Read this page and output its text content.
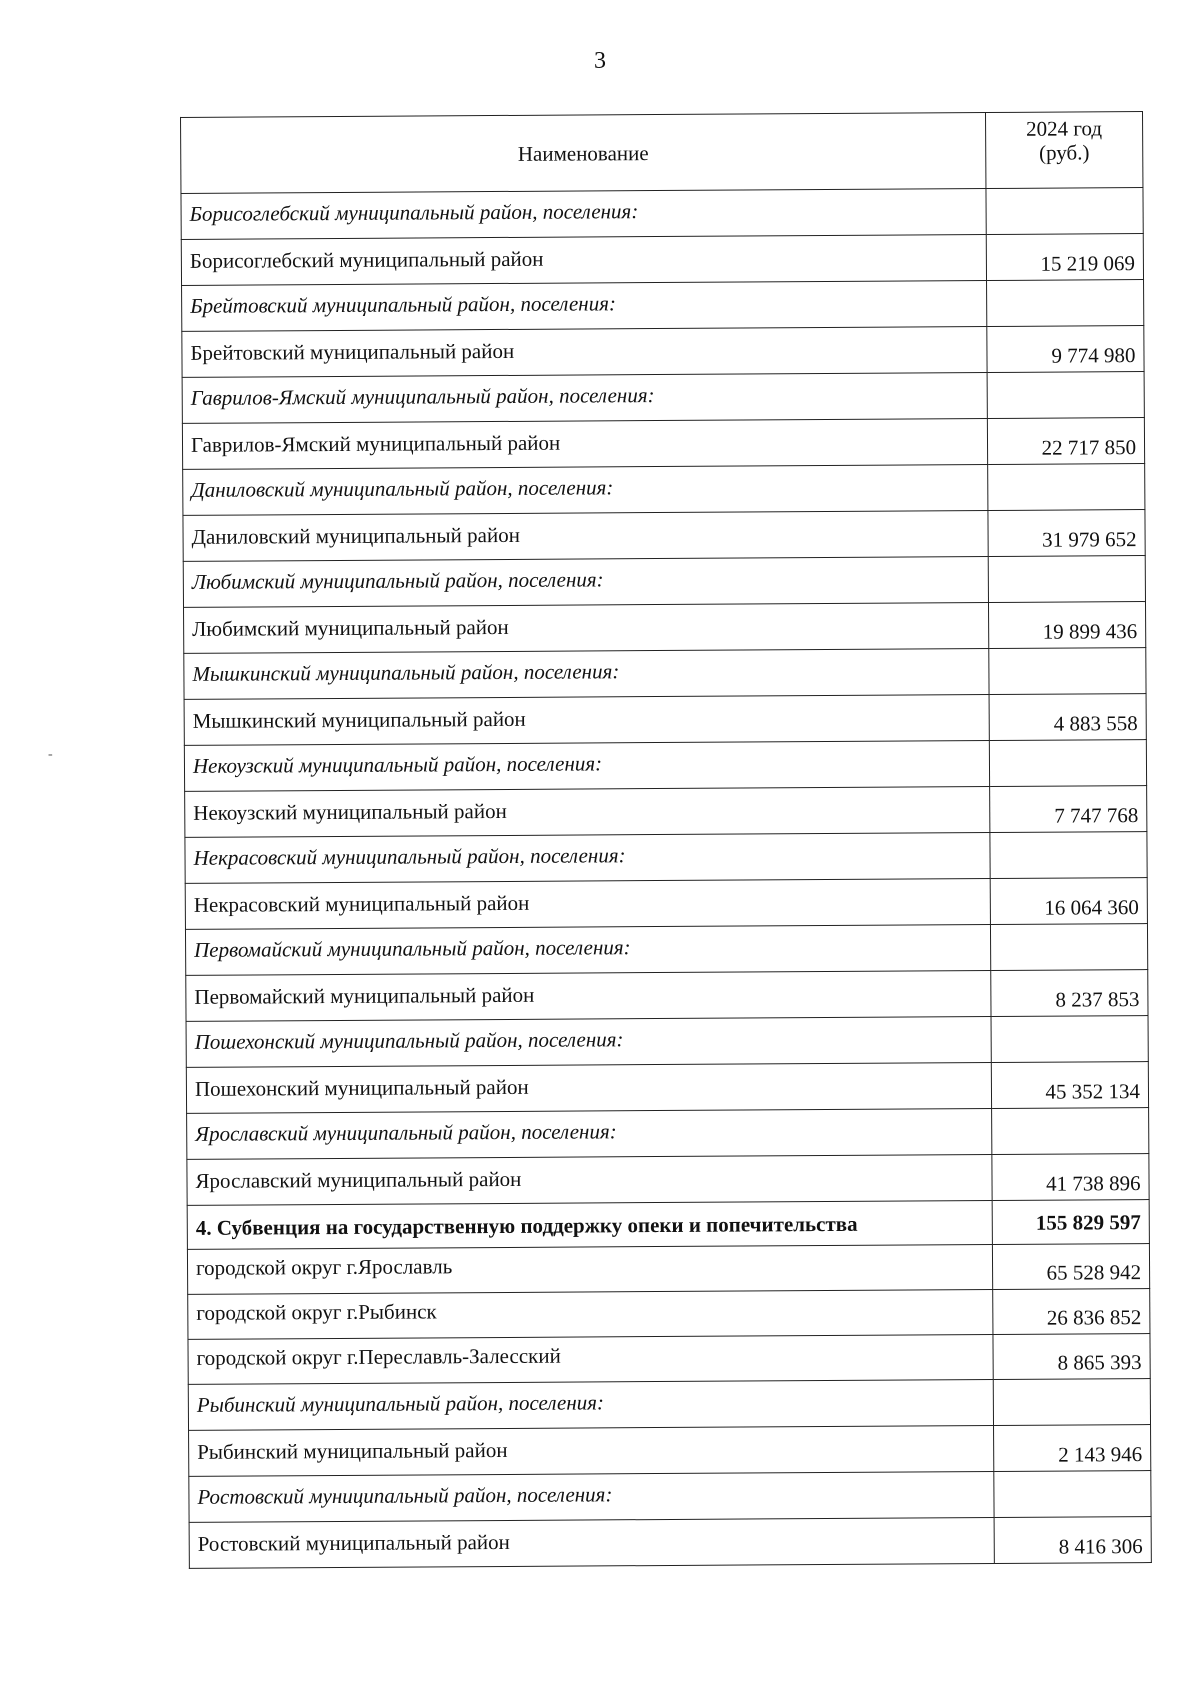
3
-
Наименование	2024 год
(руб.)

Борисоглебский муниципальный район, поселения:	
Борисоглебский муниципальный район	15 219 069
Брейтовский муниципальный район, поселения:	
Брейтовский муниципальный район	9 774 980
Гаврилов-Ямский муниципальный район, поселения:	
Гаврилов-Ямский муниципальный район	22 717 850
Даниловский муниципальный район, поселения:	
Даниловский муниципальный район	31 979 652
Любимский муниципальный район, поселения:	
Любимский муниципальный район	19 899 436
Мышкинский муниципальный район, поселения:	
Мышкинский муниципальный район	4 883 558
Некоузский муниципальный район, поселения:	
Некоузский муниципальный район	7 747 768
Некрасовский муниципальный район, поселения:	
Некрасовский муниципальный район	16 064 360
Первомайский муниципальный район, поселения:	
Первомайский муниципальный район	8 237 853
Пошехонский муниципальный район, поселения:	
Пошехонский муниципальный район	45 352 134
Ярославский муниципальный район, поселения:	
Ярославский муниципальный район	41 738 896
4. Субвенция на государственную поддержку опеки и попечительства	155 829 597
городской округ г.Ярославль	65 528 942
городской округ г.Рыбинск	26 836 852
городской округ г.Переславль-Залесский	8 865 393
Рыбинский муниципальный район, поселения:	
Рыбинский муниципальный район	2 143 946
Ростовский муниципальный район, поселения:	
Ростовский муниципальный район	8 416 306
